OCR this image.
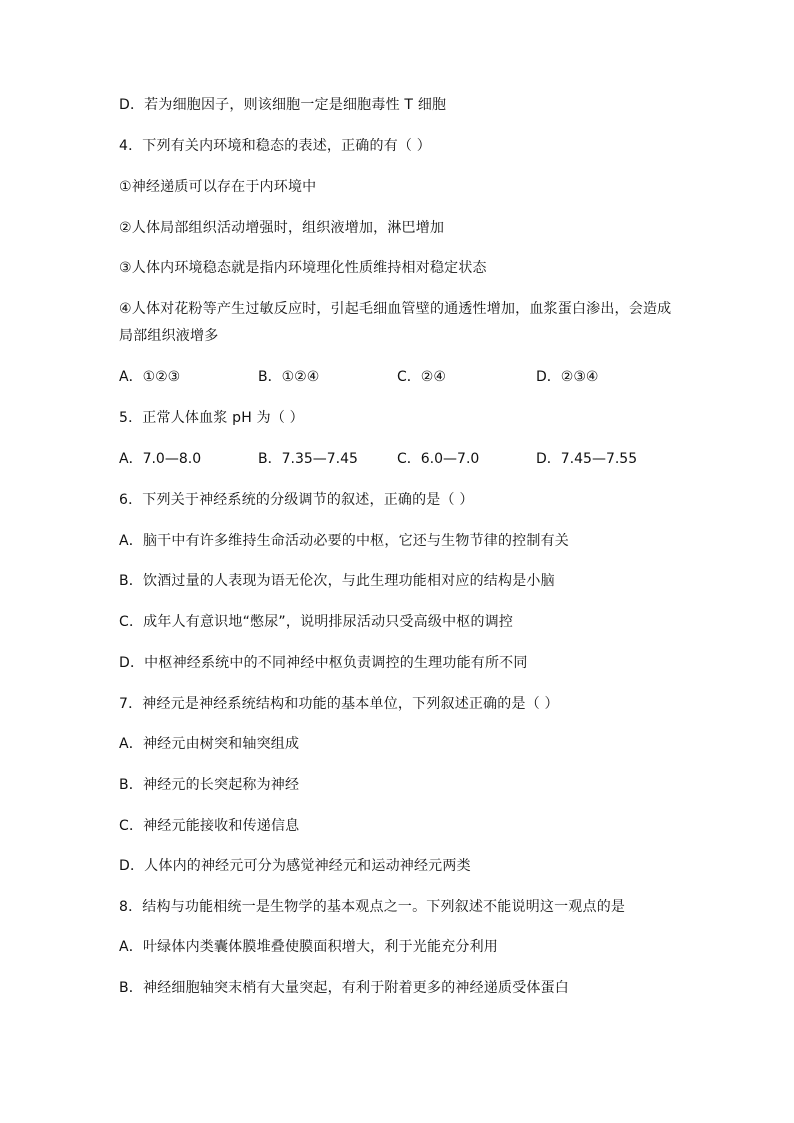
D．若为细胞因子，则该细胞一定是细胞毒性 T 细胞
4．下列有关内环境和稳态的表述，正确的有（ ）
①神经递质可以存在于内环境中
②人体局部组织活动增强时，组织液增加，淋巴增加
③人体内环境稳态就是指内环境理化性质维持相对稳定状态
④人体对花粉等产生过敏反应时，引起毛细血管壁的通透性增加，血浆蛋白渗出，会造成
局部组织液增多
A．①②③	B．①②④	C．②④	D．②③④
5．正常人体血浆 pH 为（ ）
A．7.0—8.0	B．7.35—7.45	C．6.0—7.0	D．7.45—7.55
6．下列关于神经系统的分级调节的叙述，正确的是（ ）
A．脑干中有许多维持生命活动必要的中枢，它还与生物节律的控制有关
B．饮酒过量的人表现为语无伦次，与此生理功能相对应的结构是小脑
C．成年人有意识地“憋尿”，说明排尿活动只受高级中枢的调控
D．中枢神经系统中的不同神经中枢负责调控的生理功能有所不同
7．神经元是神经系统结构和功能的基本单位，下列叙述正确的是（ ）
A．神经元由树突和轴突组成
B．神经元的长突起称为神经
C．神经元能接收和传递信息
D．人体内的神经元可分为感觉神经元和运动神经元两类
8．结构与功能相统一是生物学的基本观点之一。下列叙述不能说明这一观点的是
A．叶绿体内类囊体膜堆叠使膜面积增大，利于光能充分利用
B．神经细胞轴突末梢有大量突起，有利于附着更多的神经递质受体蛋白
